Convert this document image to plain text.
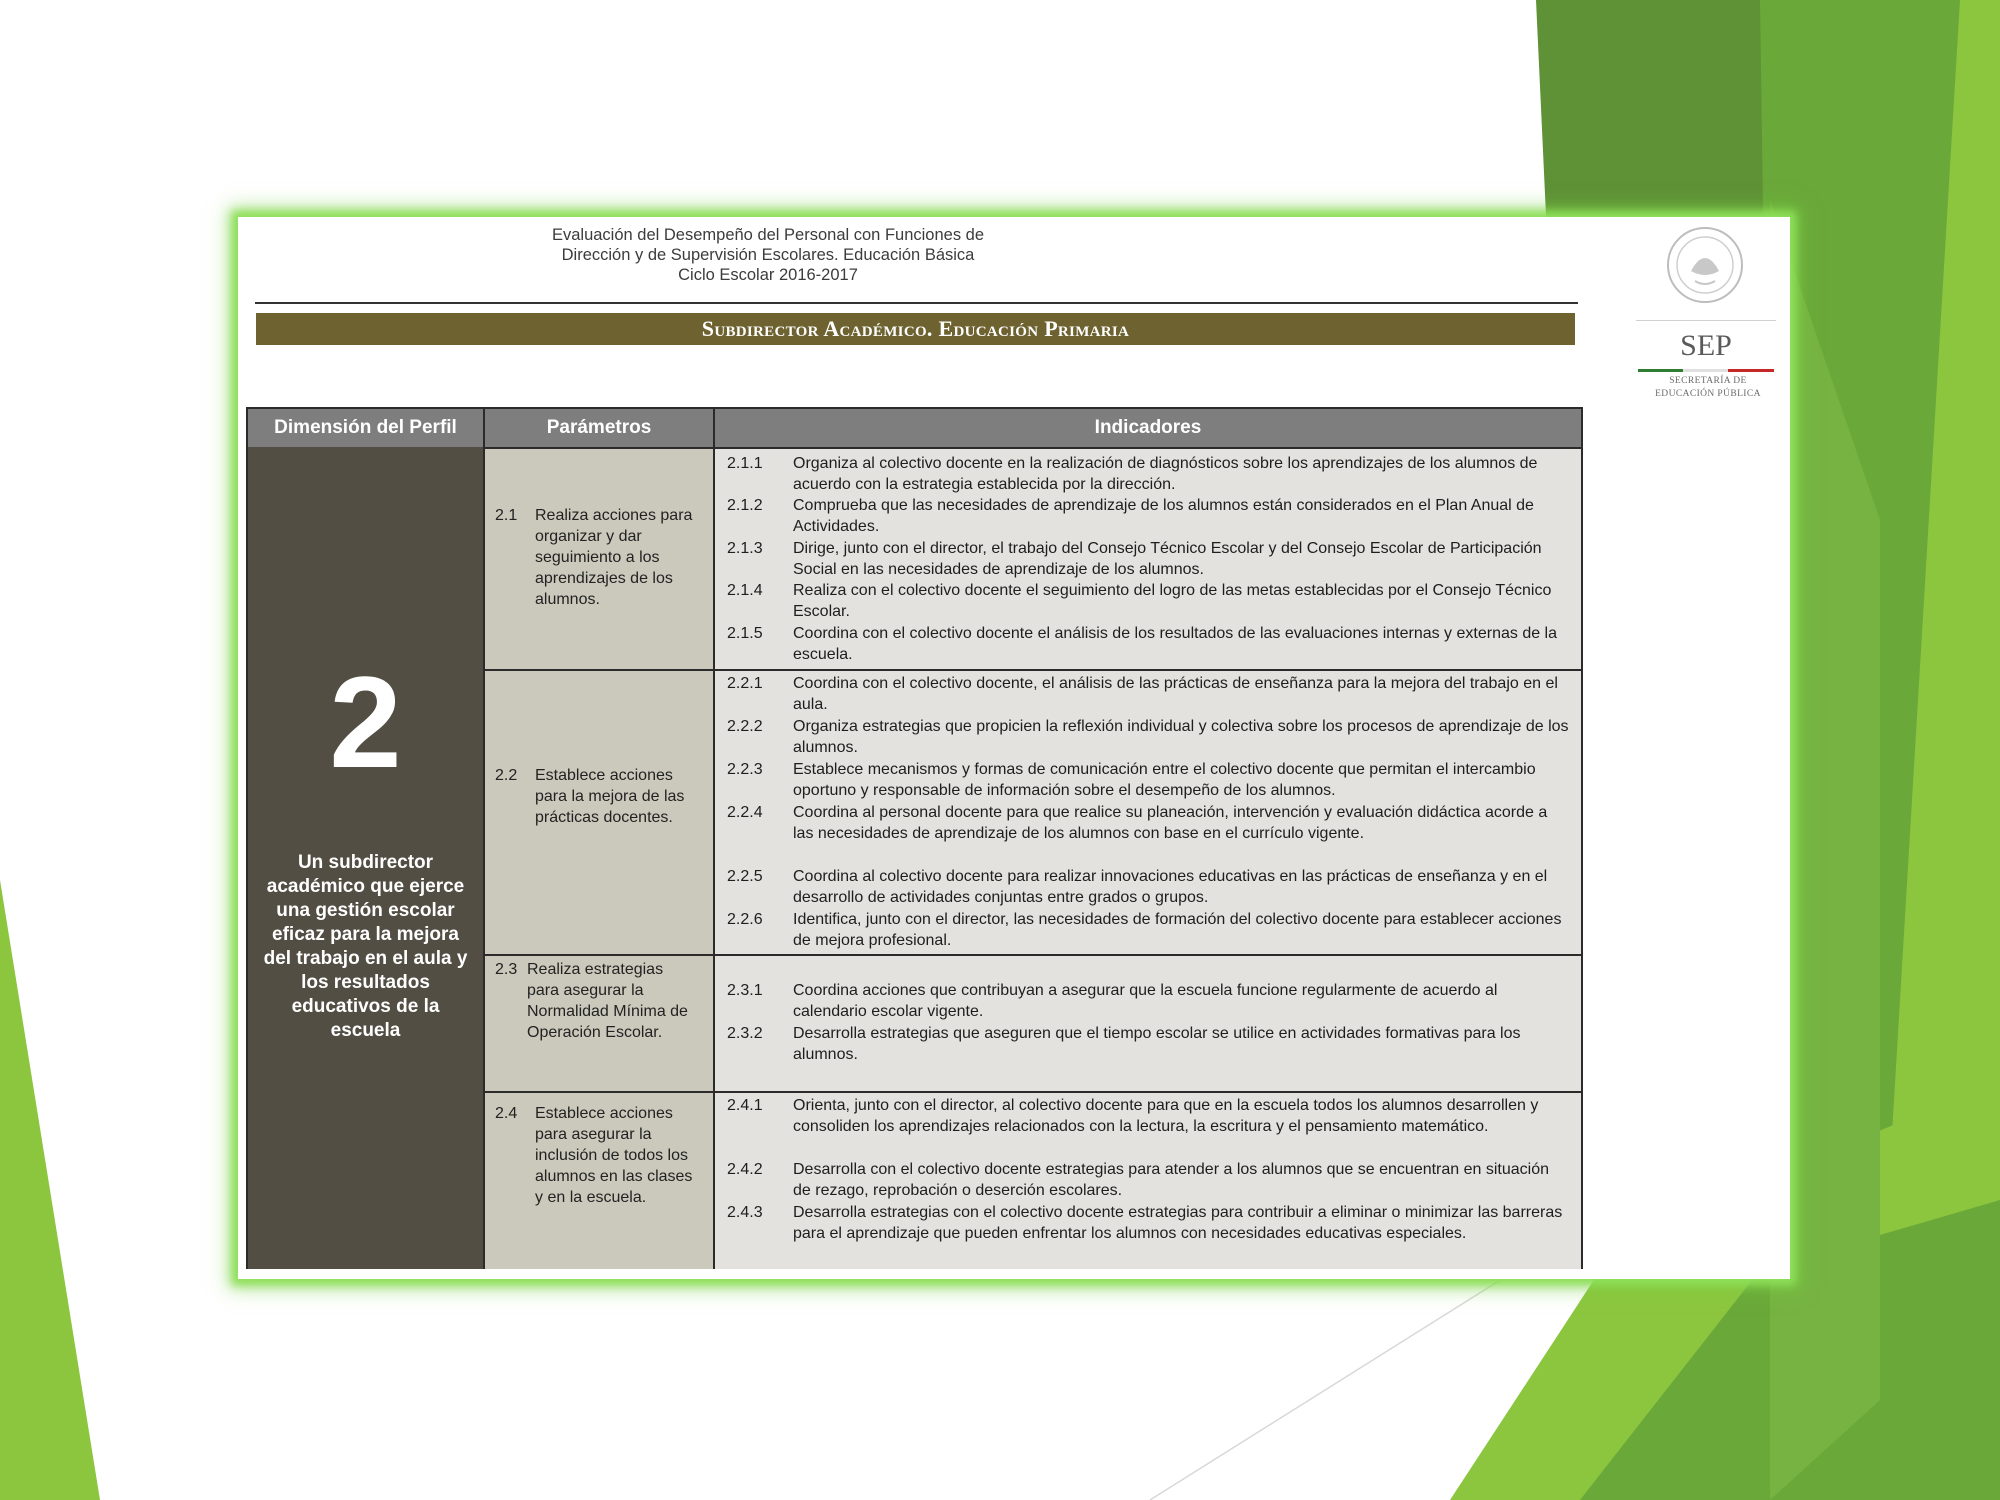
Evaluación del Desempeño del Personal con Funciones de
Dirección y de Supervisión Escolares. Educación Básica
Ciclo Escolar 2016-2017
Subdirector Académico. Educación Primaria
SEP
SECRETARÍA DE
EDUCACIÓN PÚBLICA
Dimensión del Perfil	Parámetros	Indicadores
2
Un subdirector académico que ejerce una gestión escolar eficaz para la mejora del trabajo en el aula y los resultados educativos de la escuela
2.1 Realiza acciones para organizar y dar seguimiento a los aprendizajes de los alumnos.
2.1.1 Organiza al colectivo docente en la realización de diagnósticos sobre los aprendizajes de los alumnos de acuerdo con la estrategia establecida por la dirección.
2.1.2 Comprueba que las necesidades de aprendizaje de los alumnos están considerados en el Plan Anual de Actividades.
2.1.3 Dirige, junto con el director, el trabajo del Consejo Técnico Escolar y del Consejo Escolar de Participación Social en las necesidades de aprendizaje de los alumnos.
2.1.4 Realiza con el colectivo docente el seguimiento del logro de las metas establecidas por el Consejo Técnico Escolar.
2.1.5 Coordina con el colectivo docente el análisis de los resultados de las evaluaciones internas y externas de la escuela.
2.2 Establece acciones para la mejora de las prácticas docentes.
2.2.1 Coordina con el colectivo docente, el análisis de las prácticas de enseñanza para la mejora del trabajo en el aula.
2.2.2 Organiza estrategias que propicien la reflexión individual y colectiva sobre los procesos de aprendizaje de los alumnos.
2.2.3 Establece mecanismos y formas de comunicación entre el colectivo docente que permitan el intercambio oportuno y responsable de información sobre el desempeño de los alumnos.
2.2.4 Coordina al personal docente para que realice su planeación, intervención y evaluación didáctica acorde a las necesidades de aprendizaje de los alumnos con base en el currículo vigente.
2.2.5 Coordina al colectivo docente para realizar innovaciones educativas en las prácticas de enseñanza y en el desarrollo de actividades conjuntas entre grados o grupos.
2.2.6 Identifica, junto con el director, las necesidades de formación del colectivo docente para establecer acciones de mejora profesional.
2.3 Realiza estrategias para asegurar la Normalidad Mínima de Operación Escolar.
2.3.1 Coordina acciones que contribuyan a asegurar que la escuela funcione regularmente de acuerdo al calendario escolar vigente.
2.3.2 Desarrolla estrategias que aseguren que el tiempo escolar se utilice en actividades formativas para los alumnos.
2.4 Establece acciones para asegurar la inclusión de todos los alumnos en las clases y en la escuela.
2.4.1 Orienta, junto con el director, al colectivo docente para que en la escuela todos los alumnos desarrollen y consoliden los aprendizajes relacionados con la lectura, la escritura y el pensamiento matemático.
2.4.2 Desarrolla con el colectivo docente estrategias para atender a los alumnos que se encuentran en situación de rezago, reprobación o deserción escolares.
2.4.3 Desarrolla estrategias con el colectivo docente estrategias para contribuir a eliminar o minimizar las barreras para el aprendizaje que pueden enfrentar los alumnos con necesidades educativas especiales.
